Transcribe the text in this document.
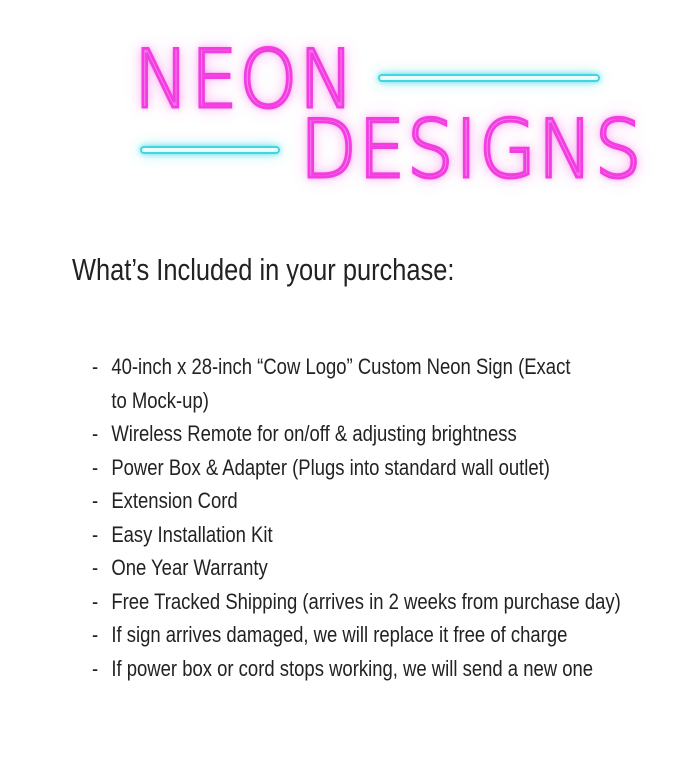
NEON
DESIGNS
What’s Included in your purchase:
- 40-inch x 28-inch “Cow Logo” Custom Neon Sign (Exact to Mock-up)
- Wireless Remote for on/off & adjusting brightness
- Power Box & Adapter (Plugs into standard wall outlet)
- Extension Cord
- Easy Installation Kit
- One Year Warranty
- Free Tracked Shipping (arrives in 2 weeks from purchase day)
- If sign arrives damaged, we will replace it free of charge
- If power box or cord stops working, we will send a new one
